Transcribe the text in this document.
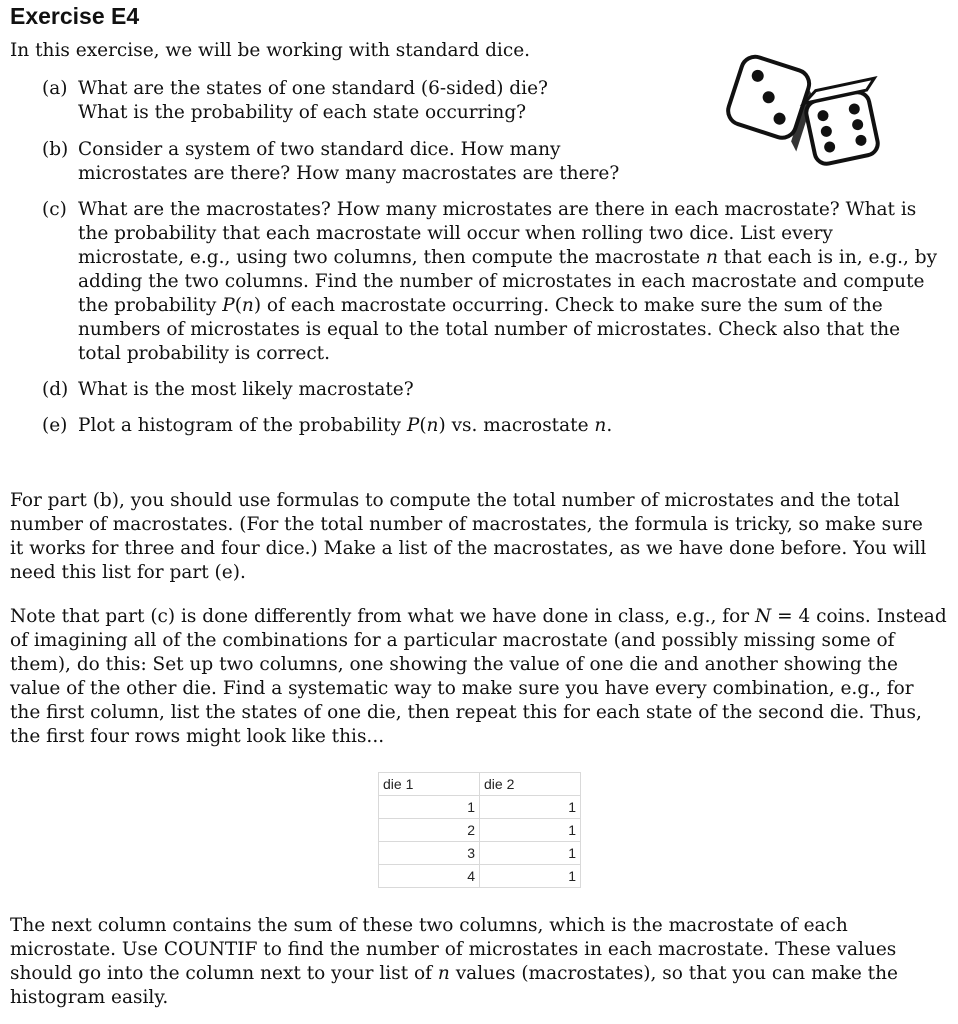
Exercise E4
In this exercise, we will be working with standard dice.
(a) What are the states of one standard (6-sided) die?
What is the probability of each state occurring?
(b) Consider a system of two standard dice. How many
microstates are there? How many macrostates are there?
(c) What are the macrostates? How many microstates are there in each macrostate? What is
the probability that each macrostate will occur when rolling two dice. List every
microstate, e.g., using two columns, then compute the macrostate n that each is in, e.g., by
adding the two columns. Find the number of microstates in each macrostate and compute
the probability P(n) of each macrostate occurring. Check to make sure the sum of the
numbers of microstates is equal to the total number of microstates. Check also that the
total probability is correct.
(d) What is the most likely macrostate?
(e) Plot a histogram of the probability P(n) vs. macrostate n.
For part (b), you should use formulas to compute the total number of microstates and the total
number of macrostates. (For the total number of macrostates, the formula is tricky, so make sure
it works for three and four dice.) Make a list of the macrostates, as we have done before. You will
need this list for part (e).
Note that part (c) is done differently from what we have done in class, e.g., for N = 4 coins. Instead
of imagining all of the combinations for a particular macrostate (and possibly missing some of
them), do this: Set up two columns, one showing the value of one die and another showing the
value of the other die. Find a systematic way to make sure you have every combination, e.g., for
the first column, list the states of one die, then repeat this for each state of the second die. Thus,
the first four rows might look like this...
die 1	die 2
1	1
2	1
3	1
4	1
The next column contains the sum of these two columns, which is the macrostate of each
microstate. Use COUNTIF to find the number of microstates in each macrostate. These values
should go into the column next to your list of n values (macrostates), so that you can make the
histogram easily.
